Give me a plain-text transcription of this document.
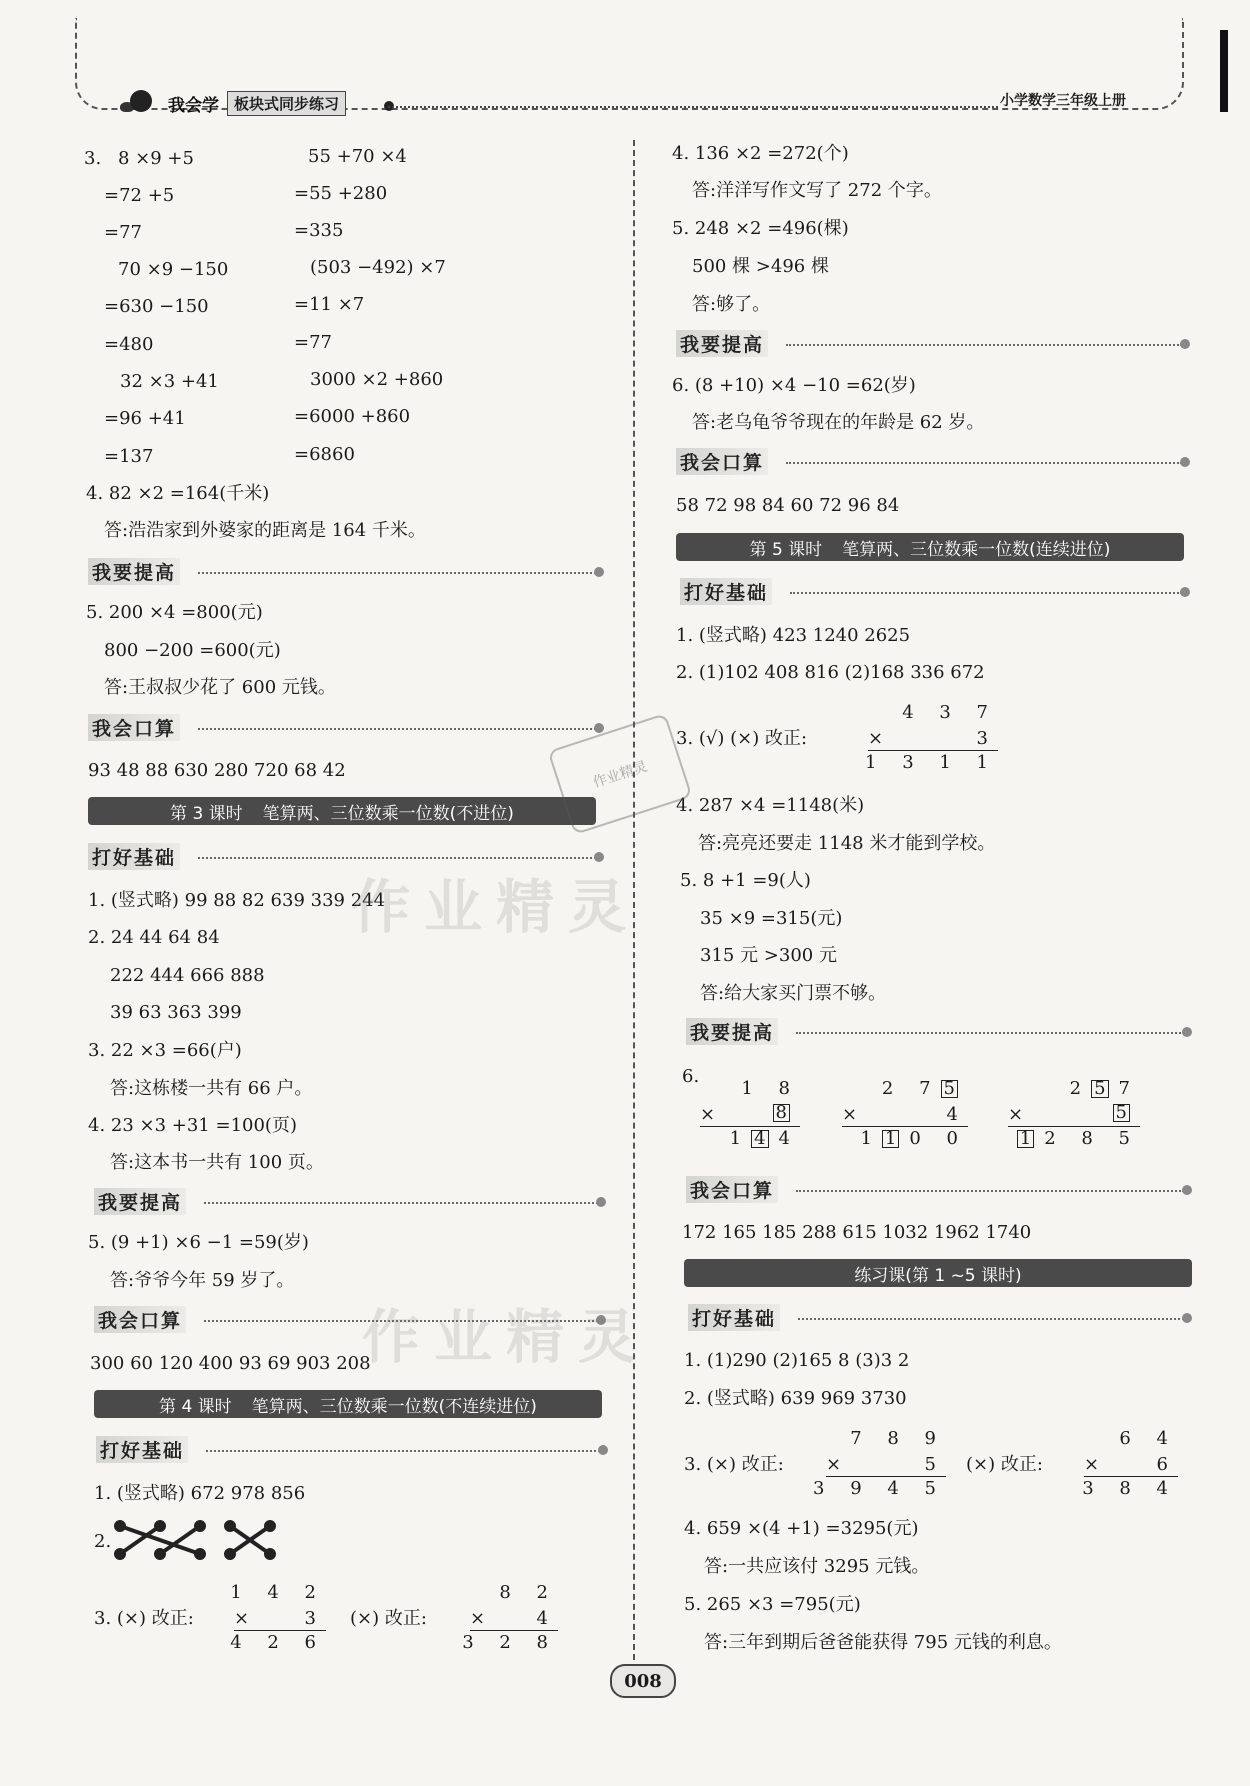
我会学	板块式同步练习	小学数学三年级上册
3. 8 ×9 +5	55 +70 ×4
=72 +5	=55 +280
=77	=335
70 ×9 −150	(503 −492) ×7
=630 −150	=11 ×7
=480	=77
32 ×3 +41	3000 ×2 +860
=96 +41	=6000 +860
=137	=6860
4. 82 ×2 =164(千米)
答:浩浩家到外婆家的距离是 164 千米。
我要提高
5. 200 ×4 =800(元)
800 −200 =600(元)
答:王叔叔少花了 600 元钱。
我会口算
93 48 88 630 280 720 68 42
第 3 课时 笔算两、三位数乘一位数(不进位)
打好基础
1. (竖式略) 99 88 82 639 339 244
2. 24 44 64 84
222 444 666 888
39 63 363 399
3. 22 ×3 =66(户)
答:这栋楼一共有 66 户。
4. 23 ×3 +31 =100(页)
答:这本书一共有 100 页。
我要提高
5. (9 +1) ×6 −1 =59(岁)
答:爷爷今年 59 岁了。
我会口算
300 60 120 400 93 69 903 208
第 4 课时 笔算两、三位数乘一位数(不连续进位)
打好基础
1. (竖式略) 672 978 856
2.
3. (×) 改正:
1 4 2
×	3
4 2 6
(×) 改正:
8 2
×	4
3 2 8
4. 136 ×2 =272(个)
答:洋洋写作文写了 272 个字。
5. 248 ×2 =496(棵)
500 棵 >496 棵
答:够了。
我要提高
6. (8 +10) ×4 −10 =62(岁)
答:老乌龟爷爷现在的年龄是 62 岁。
我会口算
58 72 98 84 60 72 96 84
第 5 课时 笔算两、三位数乘一位数(连续进位)
打好基础
1. (竖式略) 423 1240 2625
2. (1)102 408 816 (2)168 336 672
3. (√) (×) 改正:
4 3 7
×	3
1 3 1 1
4. 287 ×4 =1148(米)
答:亮亮还要走 1148 米才能到学校。
5. 8 +1 =9(人)
35 ×9 =315(元)
315 元 >300 元
答:给大家买门票不够。
我要提高
6.
1 8
×	8
1 4 4
2 7 5
×	4
1 1 0 0
2 5 7
×	5
1 2 8 5
我会口算
172 165 185 288 615 1032 1962 1740
练习课(第 1 ~5 课时)
打好基础
1. (1)290 (2)165 8 (3)3 2
2. (竖式略) 639 969 3730
3. (×) 改正:
7 8 9
×	5
3 9 4 5
(×) 改正:
6 4
×	6
3 8 4
4. 659 ×(4 +1) =3295(元)
答:一共应该付 3295 元钱。
5. 265 ×3 =795(元)
答:三年到期后爸爸能获得 795 元钱的利息。
作业精灵
作业精灵
作业精灵
008
